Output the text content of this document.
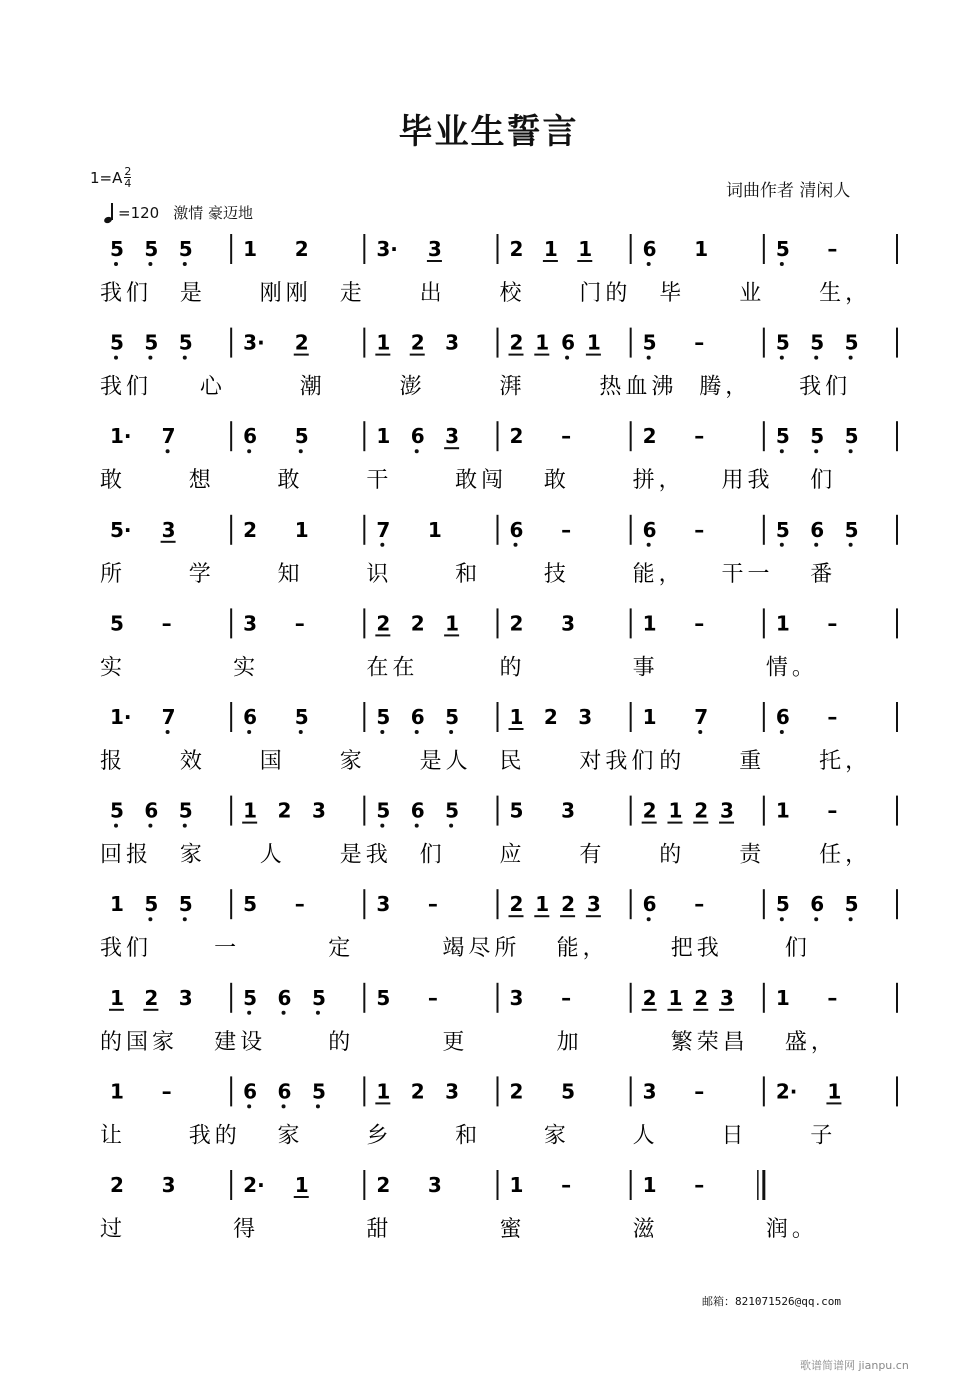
毕业生誓言
$1=A \frac{2}{4}$
=120 激情 豪迈地
词曲作者 清闲人
5 5 5	1 2	3· 3	2 1 1	6 1	5 –
我们 是 刚刚 走 出 校 门的 毕 业 生，
5 5 5	3· 2	1 2 3	2 1 6 1 5 –	5 5 5
我们 心	潮	澎	湃	热血沸 腾， 我们
1· 7	6 5	1 6 3	2 –	2 –	5 5 5
敢	想	敢	干	敢闯 敢	拼， 用我 们
5· 3	2 1	7 1	6 –	6 –	5 6 5
所	学	知	识	和	技	能， 干一 番
5 –	3 –	2 2 1	2 3	1 –	1 –
实	实	在在	的	事	情。
1· 7	6 5	5 6 5	1 2 3	1 7	6 –
报 效 国 家 是人 民 对我们 的 重 托，
5 6 5	1 2 3	5 6 5	5 3	2 1 2 3 1 –
回报 家 人 是我 们 应 有 的 责 任，
1 5 5	5 –	3 –	2 1 2 3 6 –	5 6 5
我们	一	定	竭尽所 能，	把我	们
1 2 3	5 6 5	5 –	3 –	2 1 2 3 1 –
的国家 建设	的	更	加	繁荣昌 盛，
1 –	6 6 5	1 2 3	2 5	3 –	2· 1
让	我的 家	乡	和	家	人	日	子
2 3	2· 1	2 3	1 –	1 –
过	得	甜	蜜	滋	润。
邮箱：821071526@qq.com
歌谱简谱网 jianpu.cn
